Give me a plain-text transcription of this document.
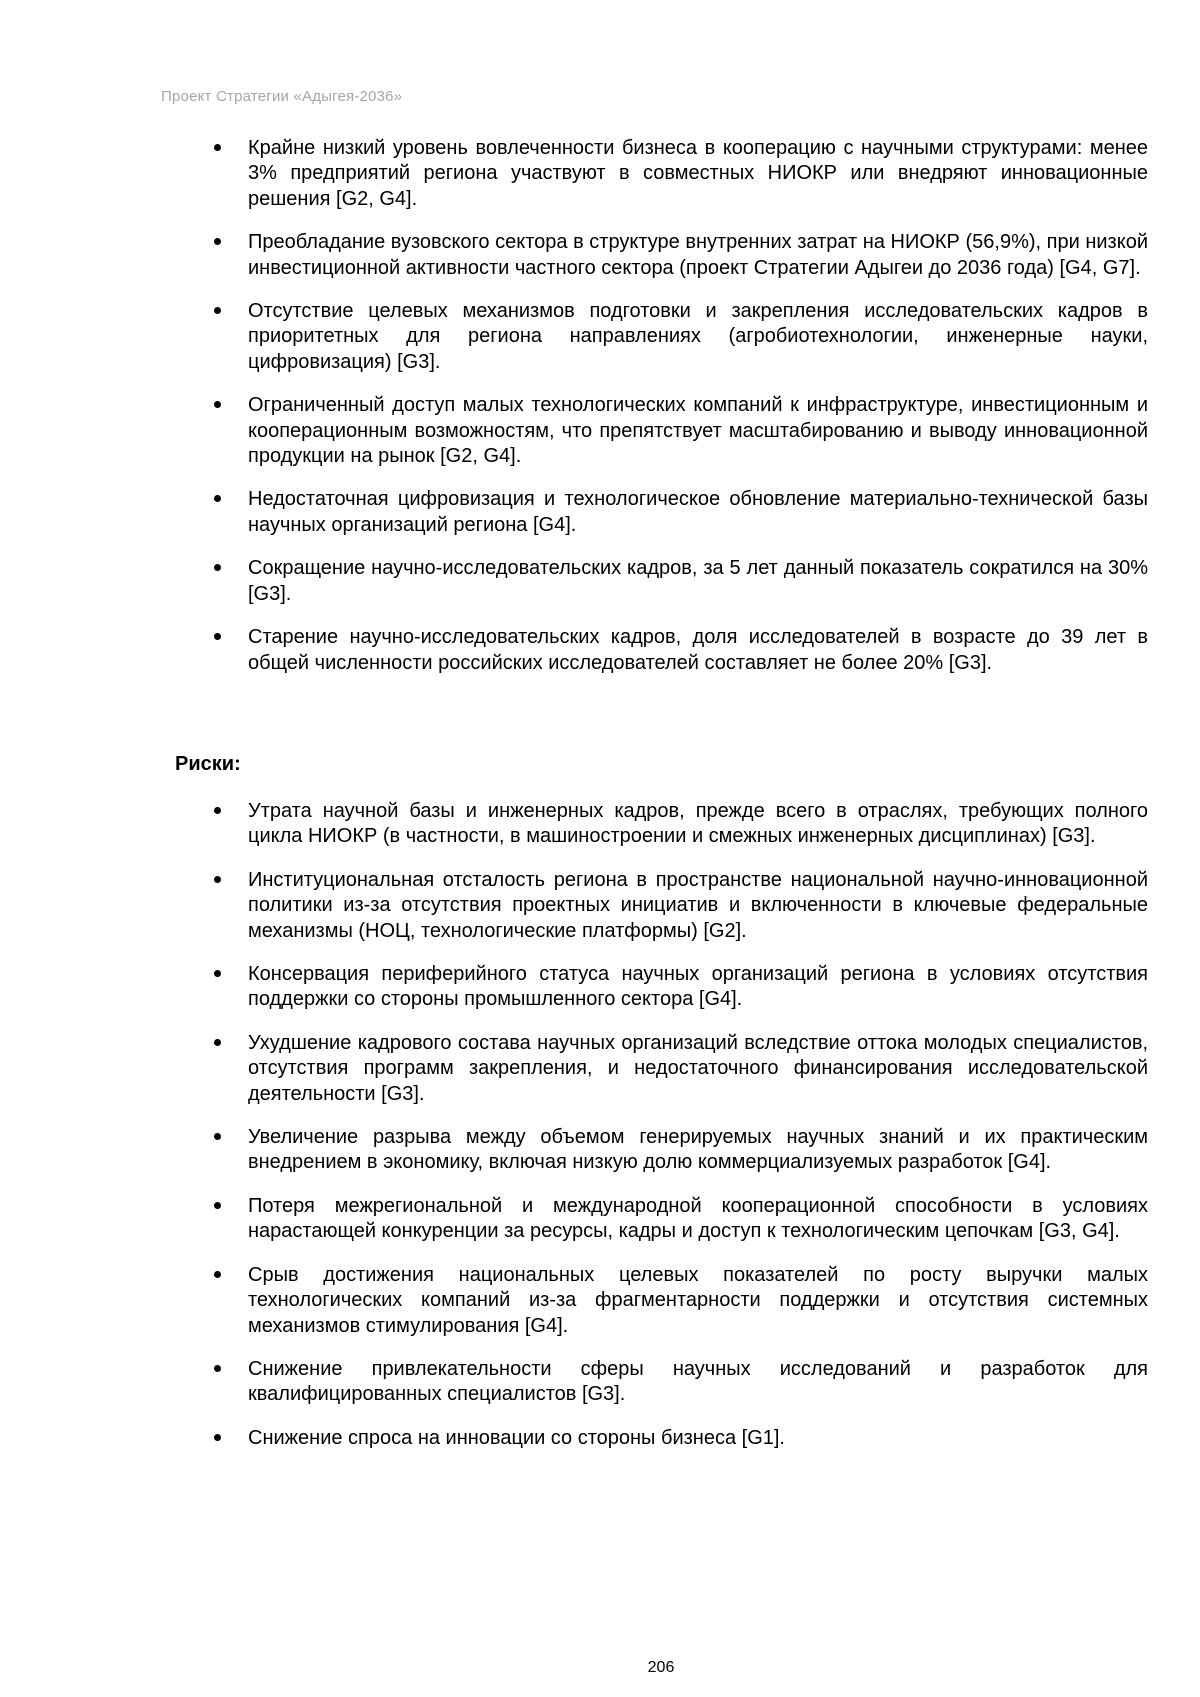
Проект Стратегии «Адыгея-2036»
Крайне низкий уровень вовлеченности бизнеса в кооперацию с научными структурами: менее 3% предприятий региона участвуют в совместных НИОКР или внедряют инновационные решения [G2, G4].
Преобладание вузовского сектора в структуре внутренних затрат на НИОКР (56,9%), при низкой инвестиционной активности частного сектора (проект Стратегии Адыгеи до 2036 года) [G4, G7].
Отсутствие целевых механизмов подготовки и закрепления исследовательских кадров в приоритетных для региона направлениях (агробиотехнологии, инженерные науки, цифровизация) [G3].
Ограниченный доступ малых технологических компаний к инфраструктуре, инвестиционным и кооперационным возможностям, что препятствует масштабированию и выводу инновационной продукции на рынок [G2, G4].
Недостаточная цифровизация и технологическое обновление материально-технической базы научных организаций региона [G4].
Сокращение научно-исследовательских кадров, за 5 лет данный показатель сократился на 30% [G3].
Старение научно-исследовательских кадров, доля исследователей в возрасте до 39 лет в общей численности российских исследователей составляет не более 20% [G3].
Риски:
Утрата научной базы и инженерных кадров, прежде всего в отраслях, требующих полного цикла НИОКР (в частности, в машиностроении и смежных инженерных дисциплинах) [G3].
Институциональная отсталость региона в пространстве национальной научно-инновационной политики из-за отсутствия проектных инициатив и включенности в ключевые федеральные механизмы (НОЦ, технологические платформы) [G2].
Консервация периферийного статуса научных организаций региона в условиях отсутствия поддержки со стороны промышленного сектора [G4].
Ухудшение кадрового состава научных организаций вследствие оттока молодых специалистов, отсутствия программ закрепления, и недостаточного финансирования исследовательской деятельности [G3].
Увеличение разрыва между объемом генерируемых научных знаний и их практическим внедрением в экономику, включая низкую долю коммерциализуемых разработок [G4].
Потеря межрегиональной и международной кооперационной способности в условиях нарастающей конкуренции за ресурсы, кадры и доступ к технологическим цепочкам [G3, G4].
Срыв достижения национальных целевых показателей по росту выручки малых технологических компаний из-за фрагментарности поддержки и отсутствия системных механизмов стимулирования [G4].
Снижение привлекательности сферы научных исследований и разработок для квалифицированных специалистов [G3].
Снижение спроса на инновации со стороны бизнеса [G1].
206
